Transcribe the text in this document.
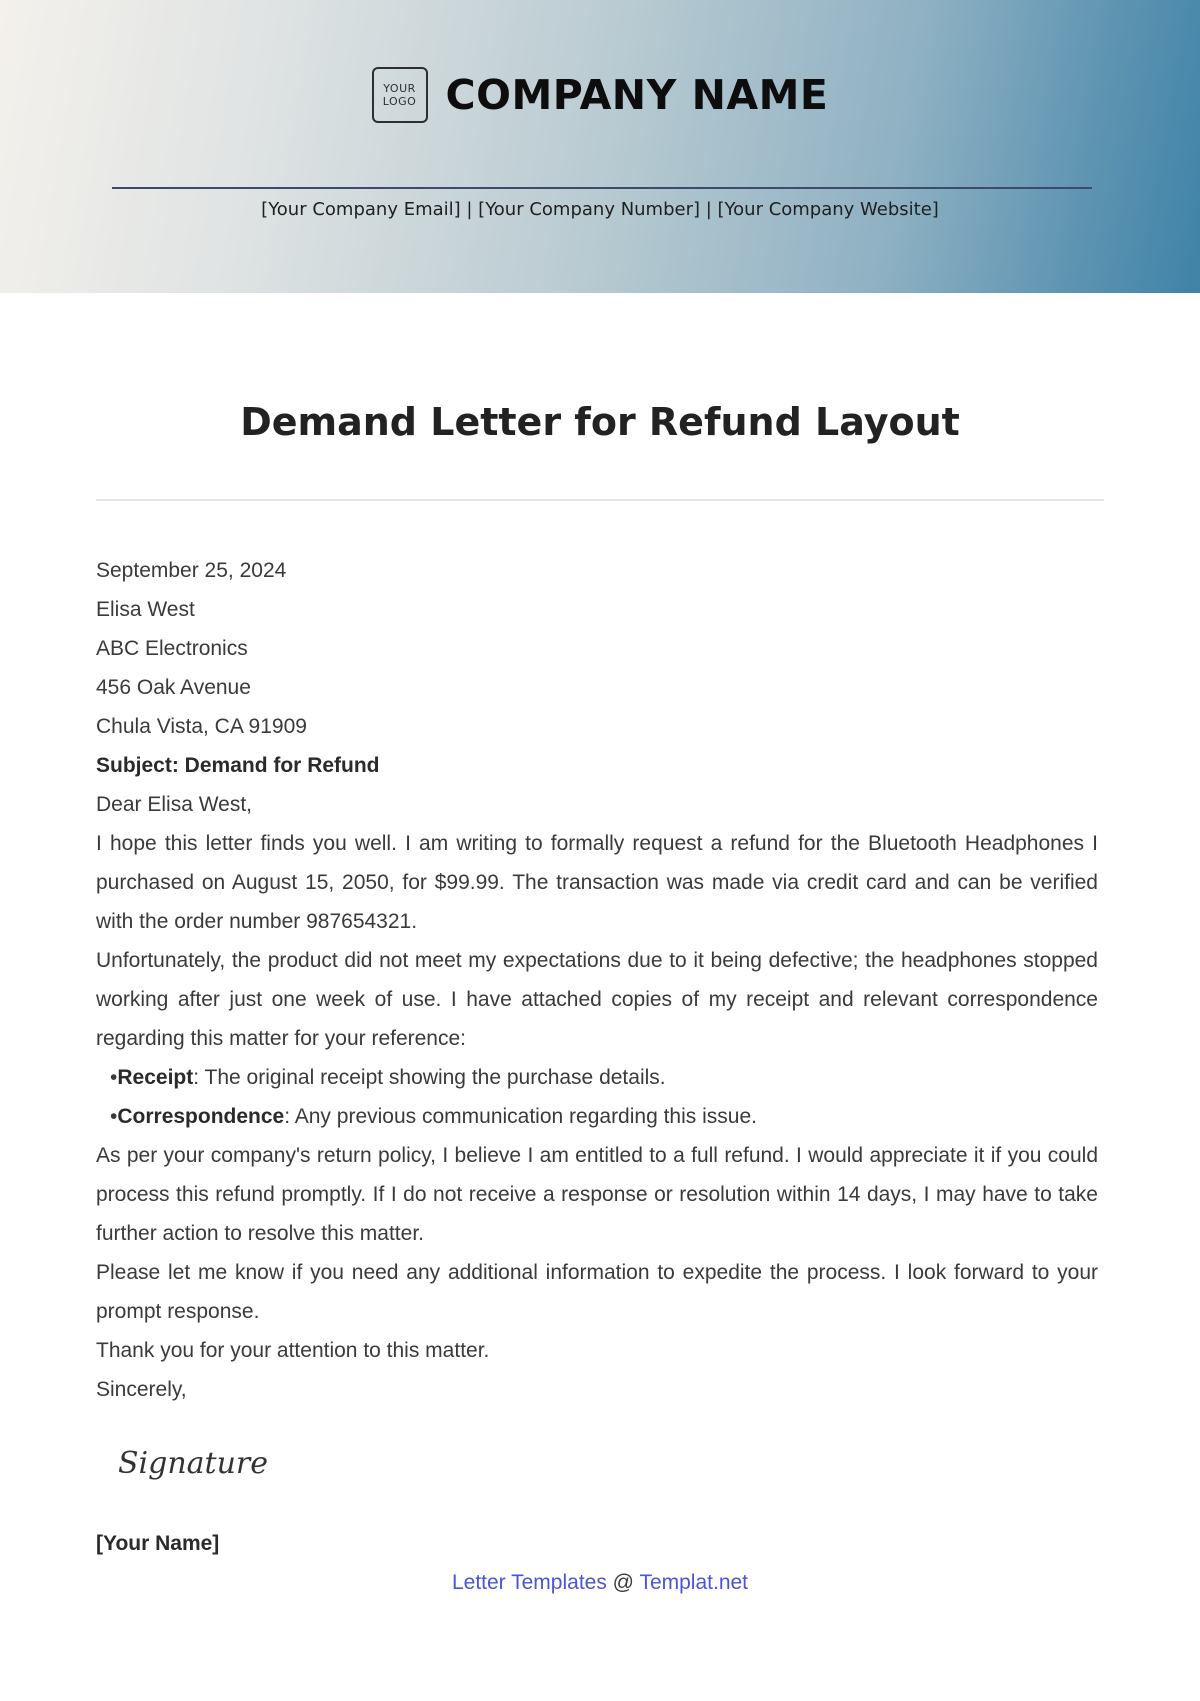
YOUR
LOGO COMPANY NAME
[Your Company Email] | [Your Company Number] | [Your Company Website]
Demand Letter for Refund Layout

September 25, 2024

Elisa West

ABC Electronics

456 Oak Avenue

Chula Vista, CA 91909

Subject: Demand for Refund

Dear Elisa West,

I hope this letter finds you well. I am writing to formally request a refund for the Bluetooth Headphones I purchased on August 15, 2050, for $99.99. The transaction was made via credit card and can be verified with the order number 987654321.

Unfortunately, the product did not meet my expectations due to it being defective; the headphones stopped working after just one week of use. I have attached copies of my receipt and relevant correspondence regarding this matter for your reference:

•Receipt: The original receipt showing the purchase details.

•Correspondence: Any previous communication regarding this issue.

As per your company's return policy, I believe I am entitled to a full refund. I would appreciate it if you could process this refund promptly. If I do not receive a response or resolution within 14 days, I may have to take further action to resolve this matter.

Please let me know if you need any additional information to expedite the process. I look forward to your prompt response.

Thank you for your attention to this matter.

Sincerely,

Signature
[Your Name]
Letter Templates @ Templat.net
